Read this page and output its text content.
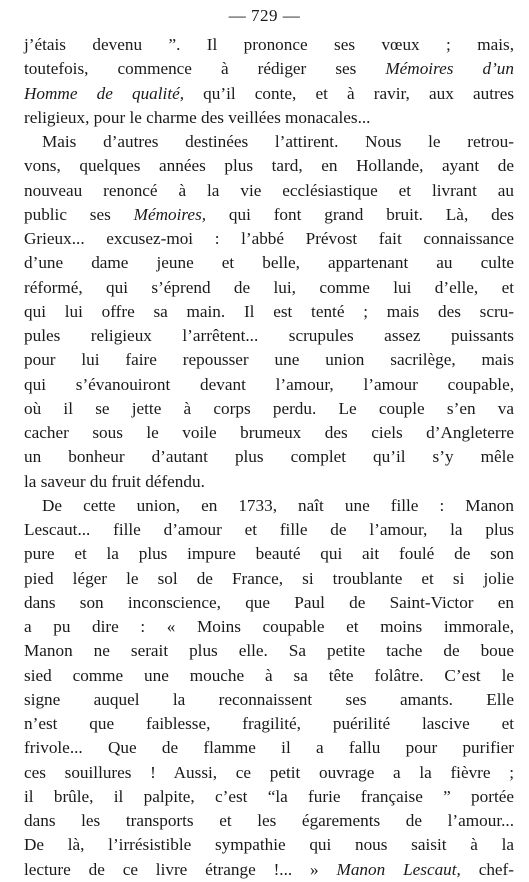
— 729 —
j’étais devenu ”. Il prononce ses vœux ; mais,
toutefois, commence à rédiger ses Mémoires d’un
Homme de qualité, qu’il conte, et à ravir, aux autres
religieux, pour le charme des veillées monacales...
Mais d’autres destinées l’attirent. Nous le retrou-
vons, quelques années plus tard, en Hollande, ayant de
nouveau renoncé à la vie ecclésiastique et livrant au
public ses Mémoires, qui font grand bruit. Là, des
Grieux... excusez-moi : l’abbé Prévost fait connaissance
d’une dame jeune et belle, appartenant au culte
réformé, qui s’éprend de lui, comme lui d’elle, et
qui lui offre sa main. Il est tenté ; mais des scru-
pules religieux l’arrêtent... scrupules assez puissants
pour lui faire repousser une union sacrilège, mais
qui s’évanouiront devant l’amour, l’amour coupable,
où il se jette à corps perdu. Le couple s’en va
cacher sous le voile brumeux des ciels d’Angleterre
un bonheur d’autant plus complet qu’il s’y mêle
la saveur du fruit défendu.
De cette union, en 1733, naît une fille : Manon
Lescaut... fille d’amour et fille de l’amour, la plus
pure et la plus impure beauté qui ait foulé de son
pied léger le sol de France, si troublante et si jolie
dans son inconscience, que Paul de Saint-Victor en
a pu dire : « Moins coupable et moins immorale,
Manon ne serait plus elle. Sa petite tache de boue
sied comme une mouche à sa tête folâtre. C’est le
signe auquel la reconnaissent ses amants. Elle
n’est que faiblesse, fragilité, puérilité lascive et
frivole... Que de flamme il a fallu pour purifier
ces souillures ! Aussi, ce petit ouvrage a la fièvre ;
il brûle, il palpite, c’est “la furie française ” portée
dans les transports et les égarements de l’amour...
De là, l’irrésistible sympathie qui nous saisit à la
lecture de ce livre étrange !... » Manon Lescaut, chef-
